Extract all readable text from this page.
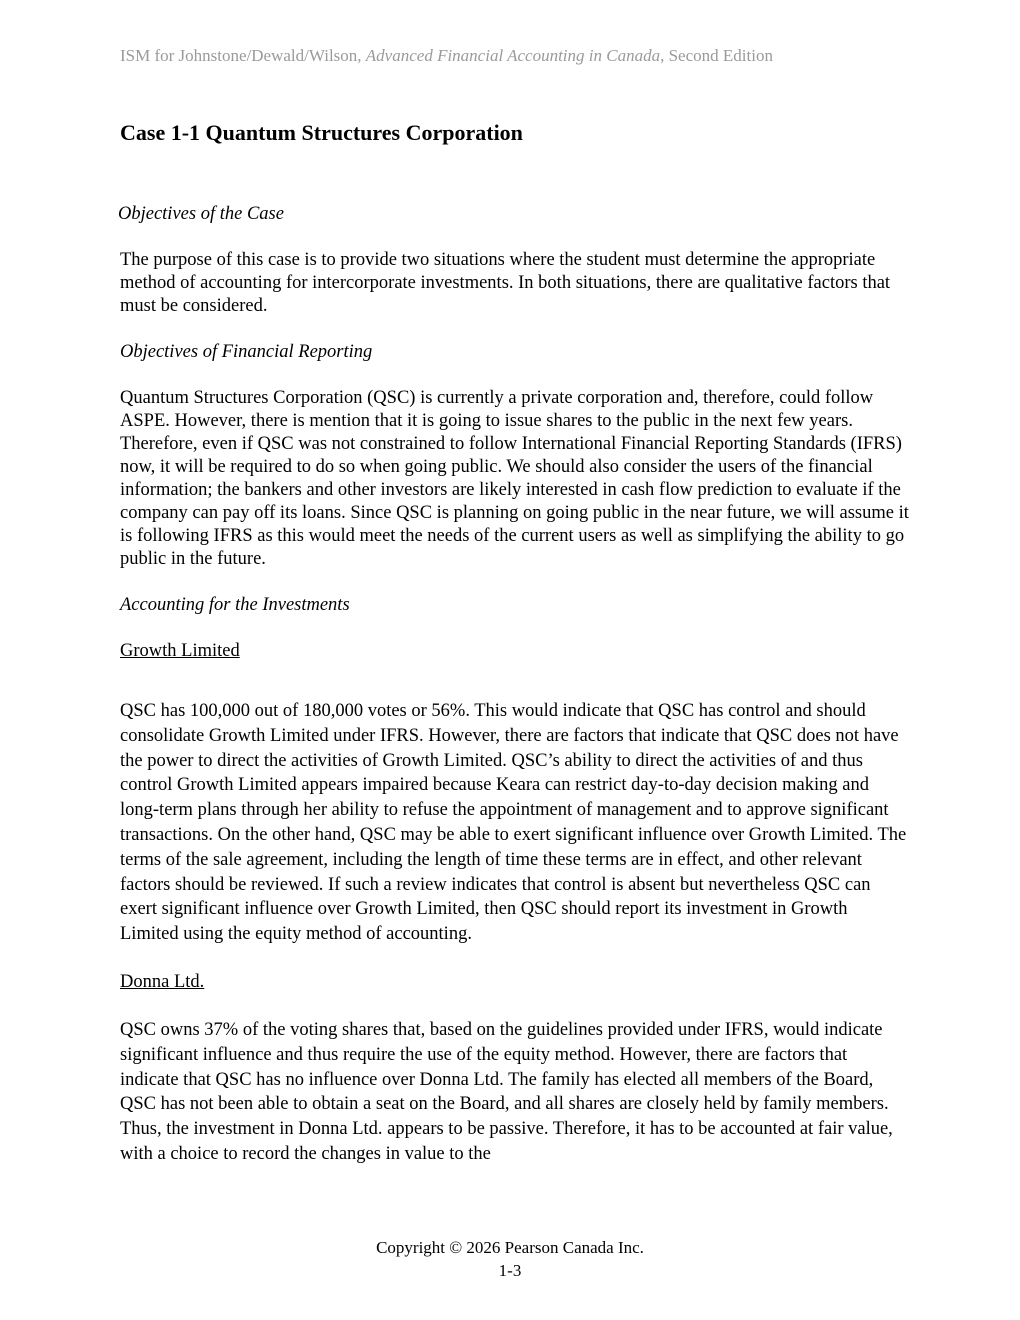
ISM for Johnstone/Dewald/Wilson, Advanced Financial Accounting in Canada, Second Edition
Case 1-1 Quantum Structures Corporation
Objectives of the Case

The purpose of this case is to provide two situations where the student must determine the appropriate method of accounting for intercorporate investments. In both situations, there are qualitative factors that must be considered.

Objectives of Financial Reporting

Quantum Structures Corporation (QSC) is currently a private corporation and, therefore, could follow ASPE. However, there is mention that it is going to issue shares to the public in the next few years. Therefore, even if QSC was not constrained to follow International Financial Reporting Standards (IFRS) now, it will be required to do so when going public. We should also consider the users of the financial information; the bankers and other investors are likely interested in cash flow prediction to evaluate if the company can pay off its loans. Since QSC is planning on going public in the near future, we will assume it is following IFRS as this would meet the needs of the current users as well as simplifying the ability to go public in the future.

Accounting for the Investments
Growth Limited

QSC has 100,000 out of 180,000 votes or 56%. This would indicate that QSC has control and should consolidate Growth Limited under IFRS. However, there are factors that indicate that QSC does not have the power to direct the activities of Growth Limited. QSC’s ability to direct the activities of and thus control Growth Limited appears impaired because Keara can restrict day-to-day decision making and long-term plans through her ability to refuse the appointment of management and to approve significant transactions. On the other hand, QSC may be able to exert significant influence over Growth Limited. The terms of the sale agreement, including the length of time these terms are in effect, and other relevant factors should be reviewed. If such a review indicates that control is absent but nevertheless QSC can exert significant influence over Growth Limited, then QSC should report its investment in Growth Limited using the equity method of accounting.

Donna Ltd.

QSC owns 37% of the voting shares that, based on the guidelines provided under IFRS, would indicate significant influence and thus require the use of the equity method. However, there are factors that indicate that QSC has no influence over Donna Ltd. The family has elected all members of the Board, QSC has not been able to obtain a seat on the Board, and all shares are closely held by family members. Thus, the investment in Donna Ltd. appears to be passive. Therefore, it has to be accounted at fair value, with a choice to record the changes in value to the

Copyright © 2026 Pearson Canada Inc.
1-3
